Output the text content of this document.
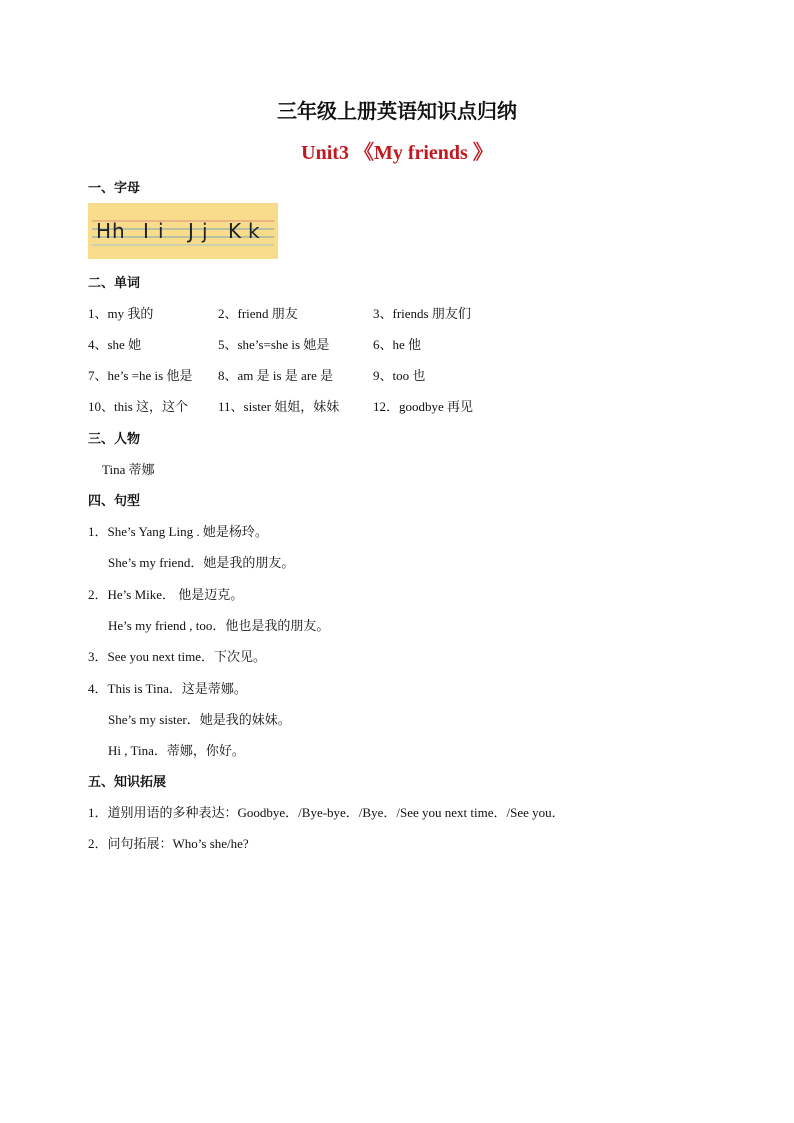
三年级上册英语知识点归纳
Unit3 《My friends 》
一、字母
H h I i J j K k
二、单词
1、my 我的	2、friend 朋友	3、friends 朋友们
4、she 她	5、she’s=she is 她是	6、he 他
7、he’s =he is 他是 8、am 是 is 是 are 是	9、too 也
10、this 这，这个 11、sister 姐姐，妹妹	12．goodbye 再见
三、人物
Tina 蒂娜
四、句型
1．She’s Yang Ling . 她是杨玲。
She’s my friend．她是我的朋友。
2．He’s Mike． 他是迈克。
He’s my friend , too．他也是我的朋友。
3．See you next time．下次见。
4．This is Tina．这是蒂娜。
She’s my sister．她是我的妹妹。
Hi , Tina．蒂娜，你好。
五、知识拓展
1．道别用语的多种表达：Goodbye．/Bye-bye．/Bye．/See you next time．/See you．
2．问句拓展：Who’s she/he?
